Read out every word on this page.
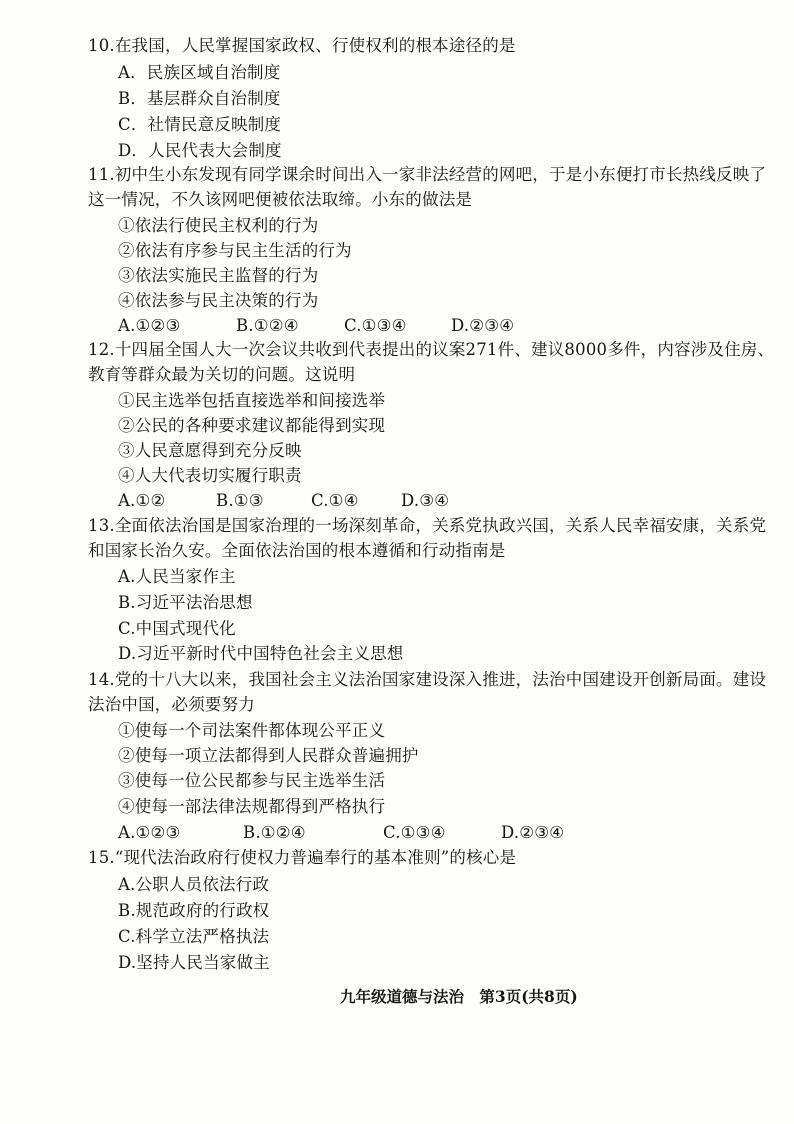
10.在我国，人民掌握国家政权、行使权利的根本途径的是
A．民族区域自治制度
B．基层群众自治制度
C．社情民意反映制度
D．人民代表大会制度
11.初中生小东发现有同学课余时间出入一家非法经营的网吧，于是小东便打市长热线反映了
这一情况，不久该网吧便被依法取缔。小东的做法是
①依法行使民主权利的行为
②依法有序参与民主生活的行为
③依法实施民主监督的行为
④依法参与民主决策的行为
A.①②③	B.①②④	C.①③④	D.②③④
12.十四届全国人大一次会议共收到代表提出的议案271件、建议8000多件，内容涉及住房、
教育等群众最为关切的问题。这说明
①民主选举包括直接选举和间接选举
②公民的各种要求建议都能得到实现
③人民意愿得到充分反映
④人大代表切实履行职责
A.①②	B.①③	C.①④	D.③④
13.全面依法治国是国家治理的一场深刻革命，关系党执政兴国，关系人民幸福安康，关系党
和国家长治久安。全面依法治国的根本遵循和行动指南是
A.人民当家作主
B.习近平法治思想
C.中国式现代化
D.习近平新时代中国特色社会主义思想
14.党的十八大以来，我国社会主义法治国家建设深入推进，法治中国建设开创新局面。建设
法治中国，必须要努力
①使每一个司法案件都体现公平正义
②使每一项立法都得到人民群众普遍拥护
③使每一位公民都参与民主选举生活
④使每一部法律法规都得到严格执行
A.①②③	B.①②④	C.①③④	D.②③④
15.“现代法治政府行使权力普遍奉行的基本准则”的核心是
A.公职人员依法行政
B.规范政府的行政权
C.科学立法严格执法
D.坚持人民当家做主
九年级道德与法治 第3页(共8页)
